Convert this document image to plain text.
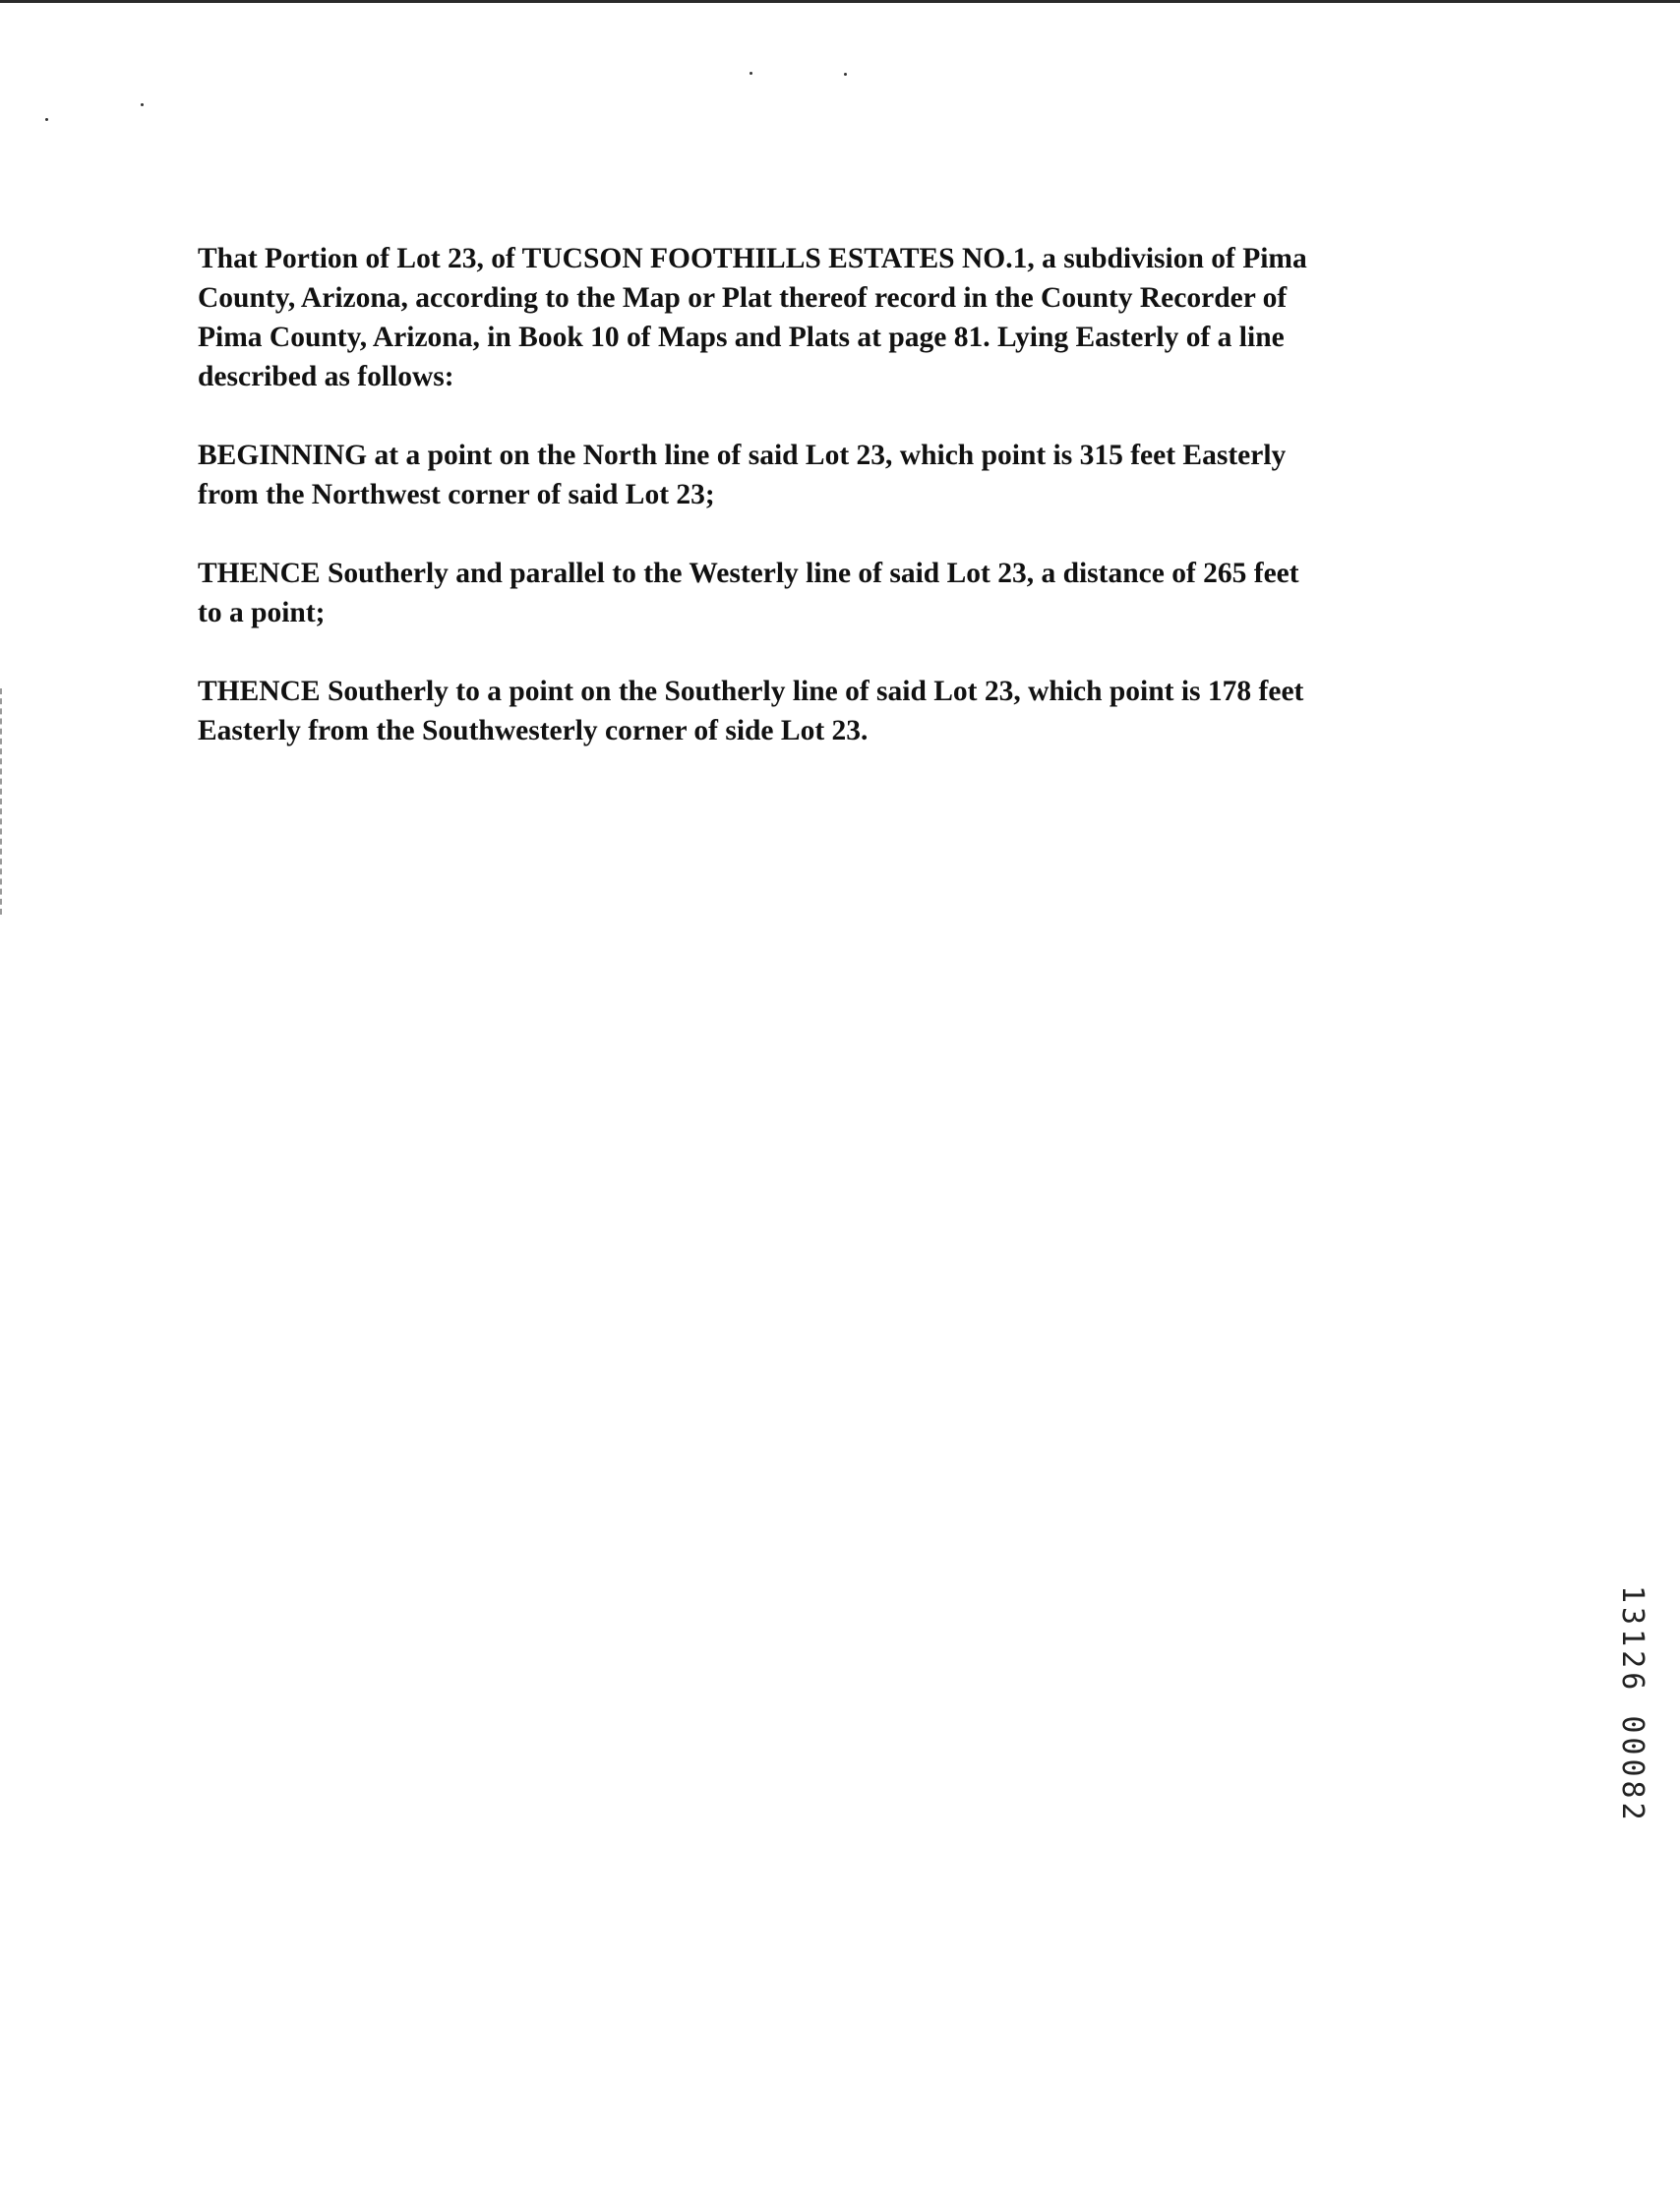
That Portion of Lot 23, of TUCSON FOOTHILLS ESTATES NO.1, a subdivision of Pima
County, Arizona, according to the Map or Plat thereof record in the County Recorder of
Pima County, Arizona, in Book 10 of Maps and Plats at page 81. Lying Easterly of a line
described as follows:

BEGINNING at a point on the North line of said Lot 23, which point is 315 feet Easterly
from the Northwest corner of said Lot 23;

THENCE Southerly and parallel to the Westerly line of said Lot 23, a distance of 265 feet
to a point;

THENCE Southerly to a point on the Southerly line of said Lot 23, which point is 178 feet
Easterly from the Southwesterly corner of side Lot 23.

13126 00082
